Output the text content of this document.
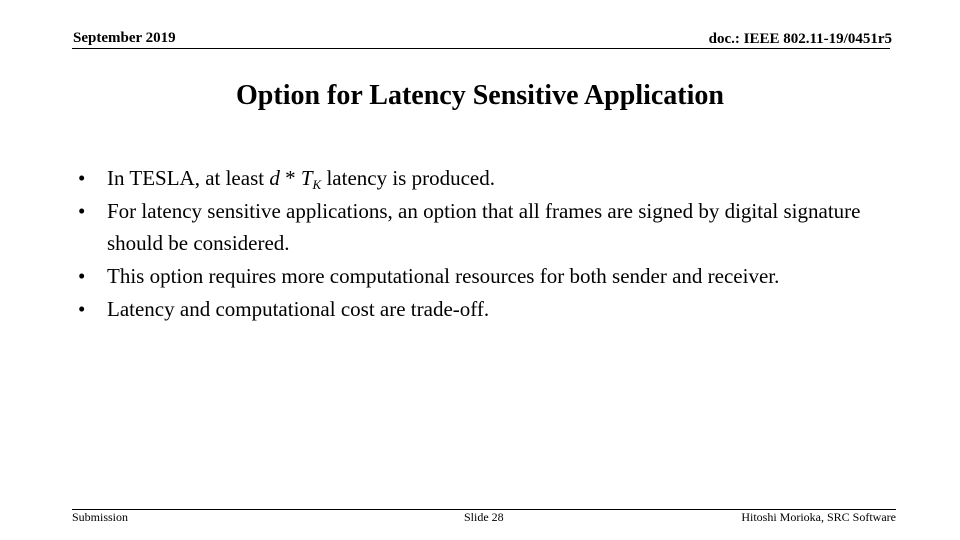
September 2019	doc.: IEEE 802.11-19/0451r5
Option for Latency Sensitive Application
• In TESLA, at least d * $T_K$ latency is produced.
• For latency sensitive applications, an option that all frames are signed by digital signature should be considered.
• This option requires more computational resources for both sender and receiver.
• Latency and computational cost are trade-off.
Submission	Slide 28	Hitoshi Morioka, SRC Software
